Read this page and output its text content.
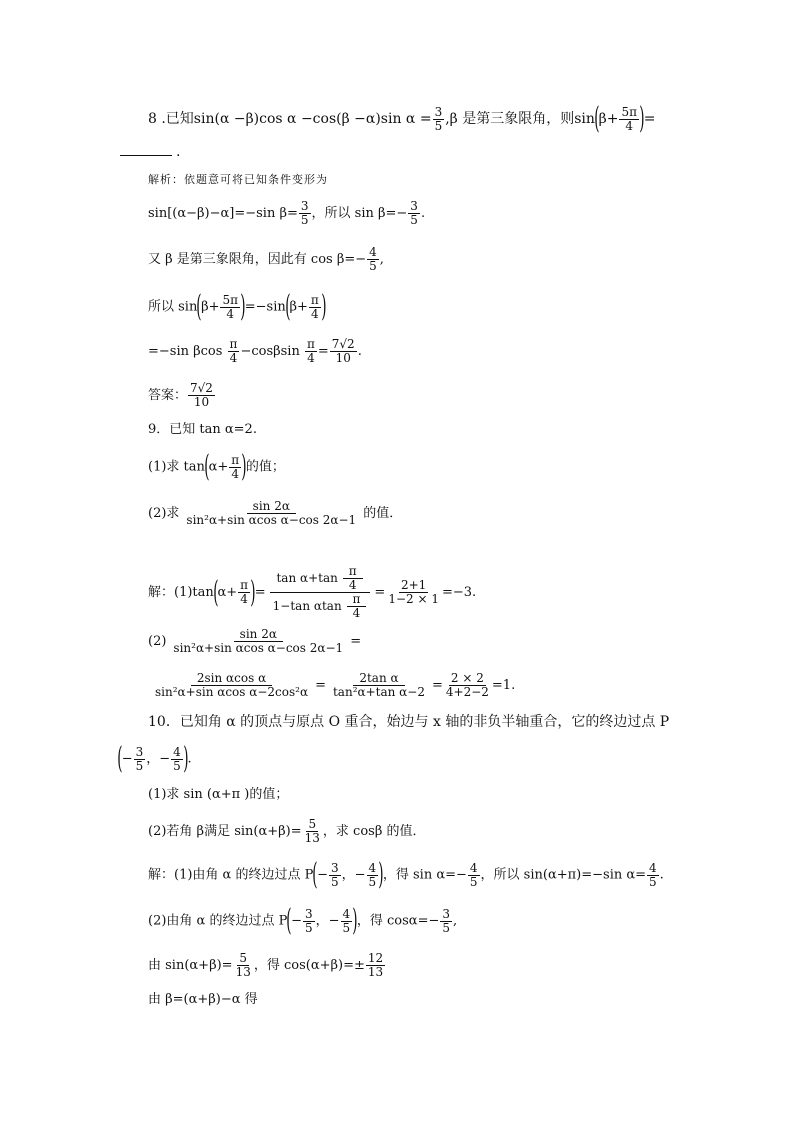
8 .已知sin(α −β)cos α −cos(β −α)sin $\alpha = \frac{3}{5} ,\beta$ 是第三象限角，则$\sin(\beta+ \frac{5\pi}{4}$ )=
.
解析：依题意可将已知条件变形为
sin[(α−β)−α]=−sin $\beta= \frac{3}{5}$ ，所以 $\sin \beta=- \frac{3}{5}$ .
又 β 是第三象限角，因此有 $\cos \beta=- \frac{4}{5}$ ,
所以 $\sin(\beta+ \frac{5\pi}{4} )=-\sin(\beta+ \frac{\pi}{4}$ )
=−sin βcos $\frac{\pi}{4} -\cos\beta\sin \frac{\pi}{4} = \frac{7√2}{10}$ .
答案： $\frac{7√2}{10}$
9．已知 tan α=2.
(1)求 $\tan(\alpha+ \frac{\pi}{4}$ )的值；
(2)求 $\frac{\sin 2\alpha}{\text{sin²α+sin αcos α−cos 2α−1}}$ 的值．
解：$(1)\tan(\alpha+ \frac{\pi}{4}$ )= $\frac{\tan \alpha+\tan \frac{\pi}{4}}{1-\tan \alpha\tan \frac{\pi}{4}} = \frac{2+1}{1-2 \times 1} =-3$.
$(2) \frac{\sin 2\alpha}{\text{sin²α+sin αcos α−cos 2α−1}}$ =
$\frac{\text{2sin αcos α}}{\text{sin²α+sin αcos α−2cos²α}} = \frac{\text{2tan α}}{\text{tan²α+tan α−2}} = \frac{2 \times 2}{4+2-2} =1$.
10．已知角 α 的顶点与原点 O 重合，始边与 x 轴的非负半轴重合，它的终边过点 P
(− $\frac{3}{5}$ ，− $\frac{4}{5}$ ).
(1)求 sin (α+π )的值；
(2)若角 β满足 $\sin(\alpha+\beta)= \frac{5}{13}$ ，求 cosβ 的值．
解：(1)由角 α 的终边过点 $P(- \frac{3}{5}$ ，− $\frac{4}{5}$ )，得 $\sin \alpha=- \frac{4}{5}$ ，所以 sin(α+π)=−sin $\alpha= \frac{4}{5}$ .
(2)由角 α 的终边过点 $P(- \frac{3}{5}$ ，− $\frac{4}{5}$ )，得 $\cos\alpha=- \frac{3}{5}$ ,
由 $\sin(\alpha+\beta)= \frac{5}{13}$ ，得 $\cos(\alpha+\beta)=\pm \frac{12}{13}$
由 β=(α+β)−α 得
